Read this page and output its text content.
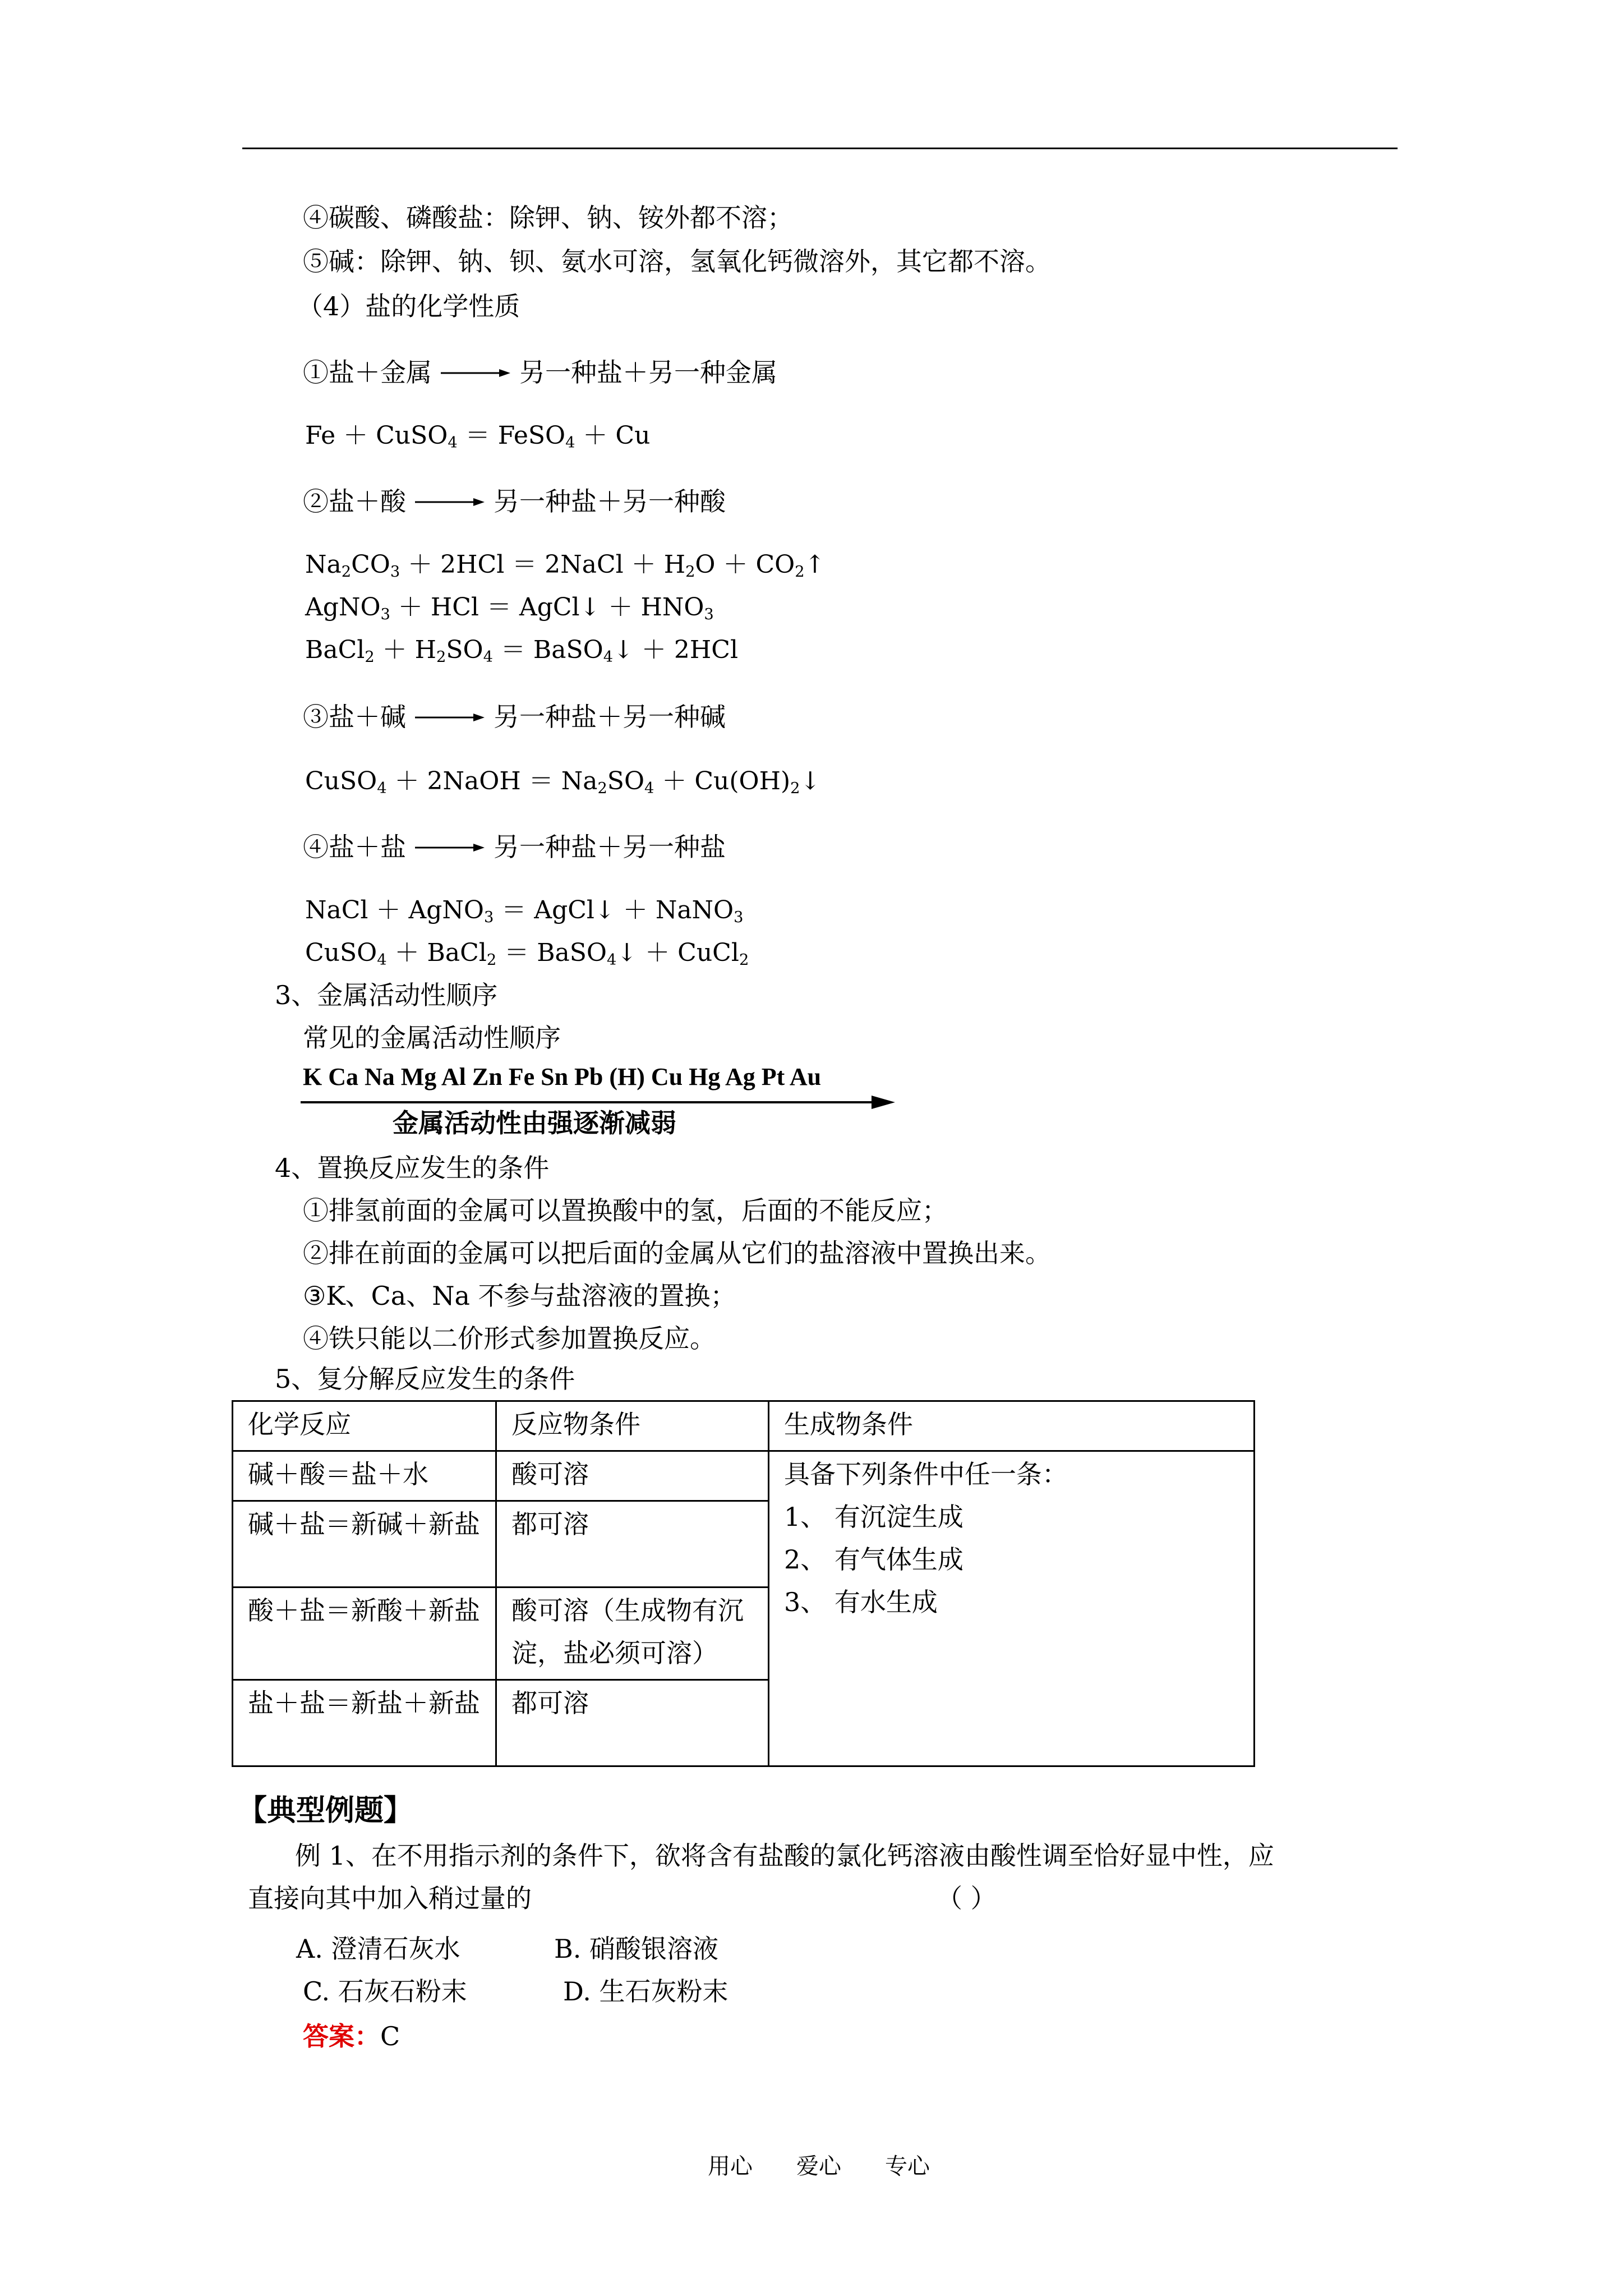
④碳酸、磷酸盐：除钾、钠、铵外都不溶；
⑤碱：除钾、钠、钡、氨水可溶，氢氧化钙微溶外，其它都不溶。
（4）盐的化学性质
①盐＋金属	另一种盐＋另一种金属
Fe ＋ CuSO$_4$ ＝ FeSO$_4$ ＋ Cu
②盐＋酸	另一种盐＋另一种酸
$Na_2CO_3 + 2HCl$ ＝ 2NaCl ＋ $H_2O$ ＋ $CO_2↑$
AgNO$_3$ ＋ HCl ＝ AgCl↓ ＋ $HNO_3$
BaCl$_2$ ＋ $H_2SO_4$ ＝ BaSO$_4$↓ ＋ 2HCl
③盐＋碱	另一种盐＋另一种碱
CuSO$_4$ ＋ 2NaOH ＝ $Na_2SO_4$ ＋ $Cu(OH)_2↓$
④盐＋盐	另一种盐＋另一种盐
NaCl ＋ AgNO$_3$ ＝ AgCl↓ ＋ NaNO$_3$
CuSO$_4$ ＋ BaCl$_2$ ＝ BaSO$_4$↓ ＋ CuCl$_2$
3、金属活动性顺序
常见的金属活动性顺序
K Ca Na Mg Al Zn Fe Sn Pb (H) Cu Hg Ag Pt Au
金属活动性由强逐渐减弱
4、置换反应发生的条件
①排氢前面的金属可以置换酸中的氢，后面的不能反应；
②排在前面的金属可以把后面的金属从它们的盐溶液中置换出来。
③K、Ca、Na 不参与盐溶液的置换；
④铁只能以二价形式参加置换反应。
5、复分解反应发生的条件
化学反应	反应物条件	生成物条件
碱＋酸＝盐＋水	酸可溶	具备下列条件中任一条：
1、 有沉淀生成
2、 有气体生成
3、 有水生成

碱＋盐＝新碱＋新盐	都可溶	
酸＋盐＝新酸＋新盐	酸可溶（生成物有沉淀，盐必须可溶）	
盐＋盐＝新盐＋新盐	都可溶	
【典型例题】
例 1、在不用指示剂的条件下，欲将含有盐酸的氯化钙溶液由酸性调至恰好显中性，应
直接向其中加入稍过量的	（ ）
A. 澄清石灰水	B. 硝酸银溶液
C. 石灰石粉末	D. 生石灰粉末
答案：C
用心 爱心 专心
